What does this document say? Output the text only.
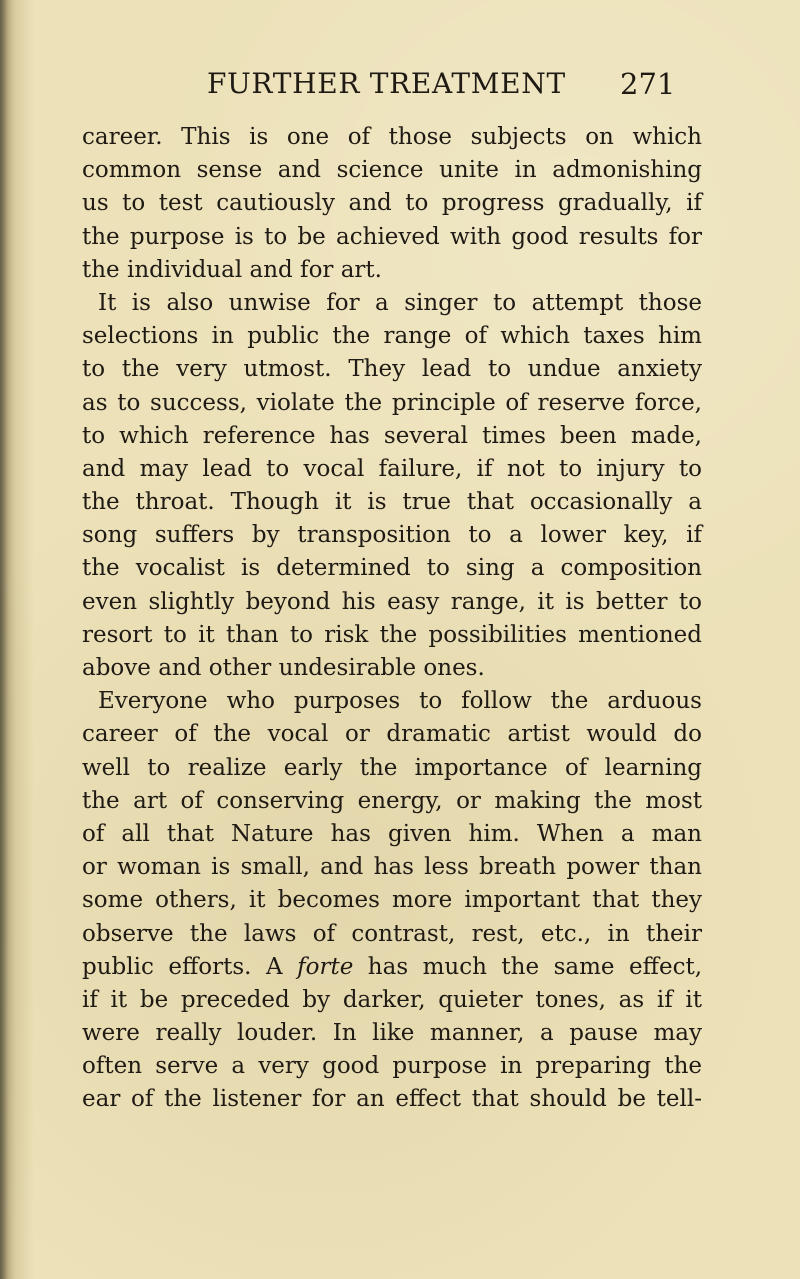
FURTHER TREATMENT 271
career. This is one of those subjects on which
common sense and science unite in admonishing
us to test cautiously and to progress gradually, if
the purpose is to be achieved with good results for
the individual and for art.
It is also unwise for a singer to attempt those
selections in public the range of which taxes him
to the very utmost. They lead to undue anxiety
as to success, violate the principle of reserve force,
to which reference has several times been made,
and may lead to vocal failure, if not to injury to
the throat. Though it is true that occasionally a
song suffers by transposition to a lower key, if
the vocalist is determined to sing a composition
even slightly beyond his easy range, it is better to
resort to it than to risk the possibilities mentioned
above and other undesirable ones.
Everyone who purposes to follow the arduous
career of the vocal or dramatic artist would do
well to realize early the importance of learning
the art of conserving energy, or making the most
of all that Nature has given him. When a man
or woman is small, and has less breath power than
some others, it becomes more important that they
observe the laws of contrast, rest, etc., in their
public efforts. A forte has much the same effect,
if it be preceded by darker, quieter tones, as if it
were really louder. In like manner, a pause may
often serve a very good purpose in preparing the
ear of the listener for an effect that should be tell-
